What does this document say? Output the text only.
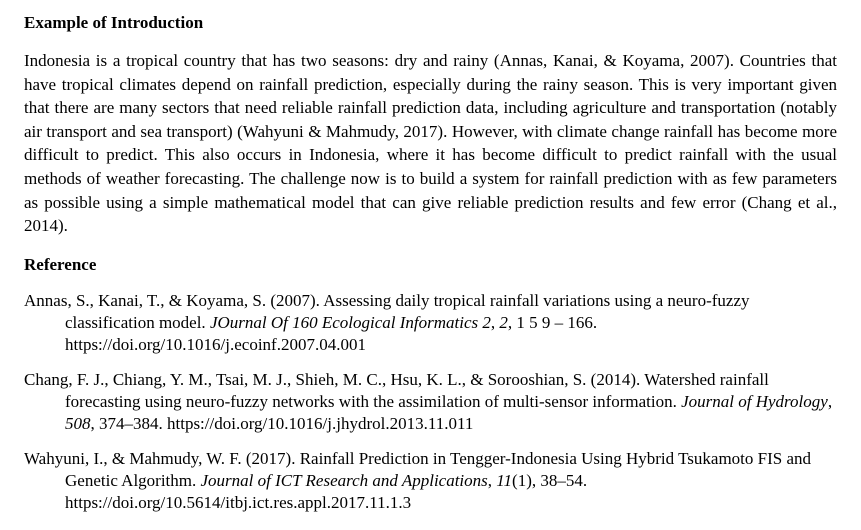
Example of Introduction

Indonesia is a tropical country that has two seasons: dry and rainy (Annas, Kanai, & Koyama, 2007). Countries that have tropical climates depend on rainfall prediction, especially during the rainy season. This is very important given that there are many sectors that need reliable rainfall prediction data, including agriculture and transportation (notably air transport and sea transport) (Wahyuni & Mahmudy, 2017). However, with climate change rainfall has become more difficult to predict. This also occurs in Indonesia, where it has become difficult to predict rainfall with the usual methods of weather forecasting. The challenge now is to build a system for rainfall prediction with as few parameters as possible using a simple mathematical model that can give reliable prediction results and few error (Chang et al., 2014).

Reference

Annas, S., Kanai, T., & Koyama, S. (2007). Assessing daily tropical rainfall variations using a neuro-fuzzy classification model. JOurnal Of 160 Ecological Informatics 2, 2, 1 5 9 – 166. https://doi.org/10.1016/j.ecoinf.2007.04.001

Chang, F. J., Chiang, Y. M., Tsai, M. J., Shieh, M. C., Hsu, K. L., & Sorooshian, S. (2014). Watershed rainfall forecasting using neuro-fuzzy networks with the assimilation of multi-sensor information. Journal of Hydrology, 508, 374–384. https://doi.org/10.1016/j.jhydrol.2013.11.011

Wahyuni, I., & Mahmudy, W. F. (2017). Rainfall Prediction in Tengger-Indonesia Using Hybrid Tsukamoto FIS and Genetic Algorithm. Journal of ICT Research and Applications, 11(1), 38–54. https://doi.org/10.5614/itbj.ict.res.appl.2017.11.1.3
